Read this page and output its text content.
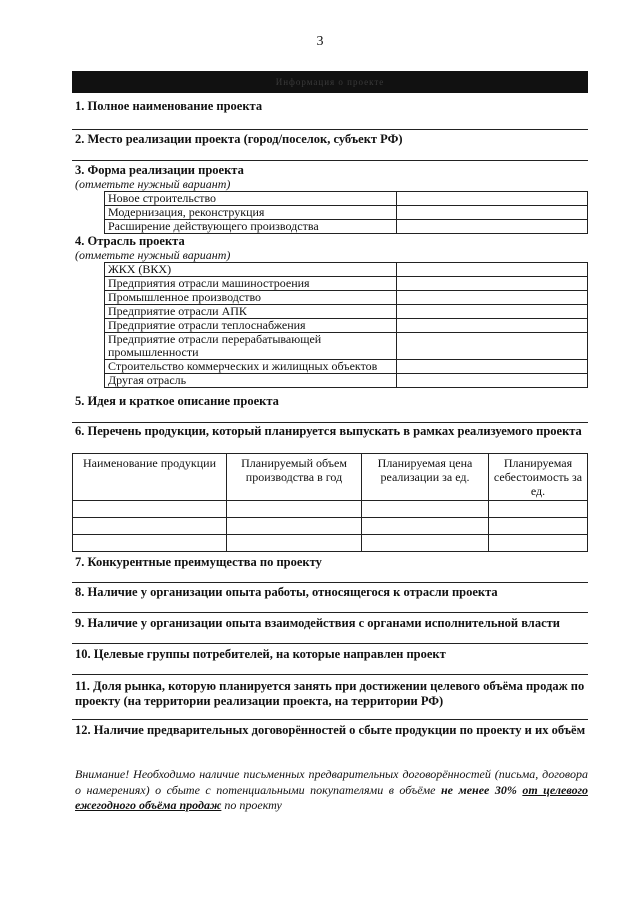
3
Информация о проекте
1. Полное наименование проекта
2. Место реализации проекта (город/поселок, субъект РФ)
3. Форма реализации проекта
(отметьте нужный вариант)
	Новое строительство	
	Модернизация, реконструкция	
	Расширение действующего производства	
4. Отрасль проекта
(отметьте нужный вариант)
	ЖКХ (ВКХ)	
	Предприятия отрасли машиностроения	
	Промышленное производство	
	Предприятие отрасли АПК	
	Предприятие отрасли теплоснабжения	
	Предприятие отрасли перерабатывающей промышленности	
	Строительство коммерческих и жилищных объектов	
	Другая отрасль	
5. Идея и краткое описание проекта
6. Перечень продукции, который планируется выпускать в рамках реализуемого проекта
Наименование продукции	Планируемый объем производства в год	Планируемая цена реализации за ед.	Планируемая себестоимость за ед.

7. Конкурентные преимущества по проекту
8. Наличие у организации опыта работы, относящегося к отрасли проекта
9. Наличие у организации опыта взаимодействия с органами исполнительной власти
10. Целевые группы потребителей, на которые направлен проект
11. Доля рынка, которую планируется занять при достижении целевого объёма продаж по проекту (на территории реализации проекта, на территории РФ)
12. Наличие предварительных договорённостей о сбыте продукции по проекту и их объём
Внимание! Необходимо наличие письменных предварительных договорённостей (письма, договора о намерениях) о сбыте с потенциальными покупателями в объёме не менее 30% от целевого ежегодного объёма продаж по проекту
